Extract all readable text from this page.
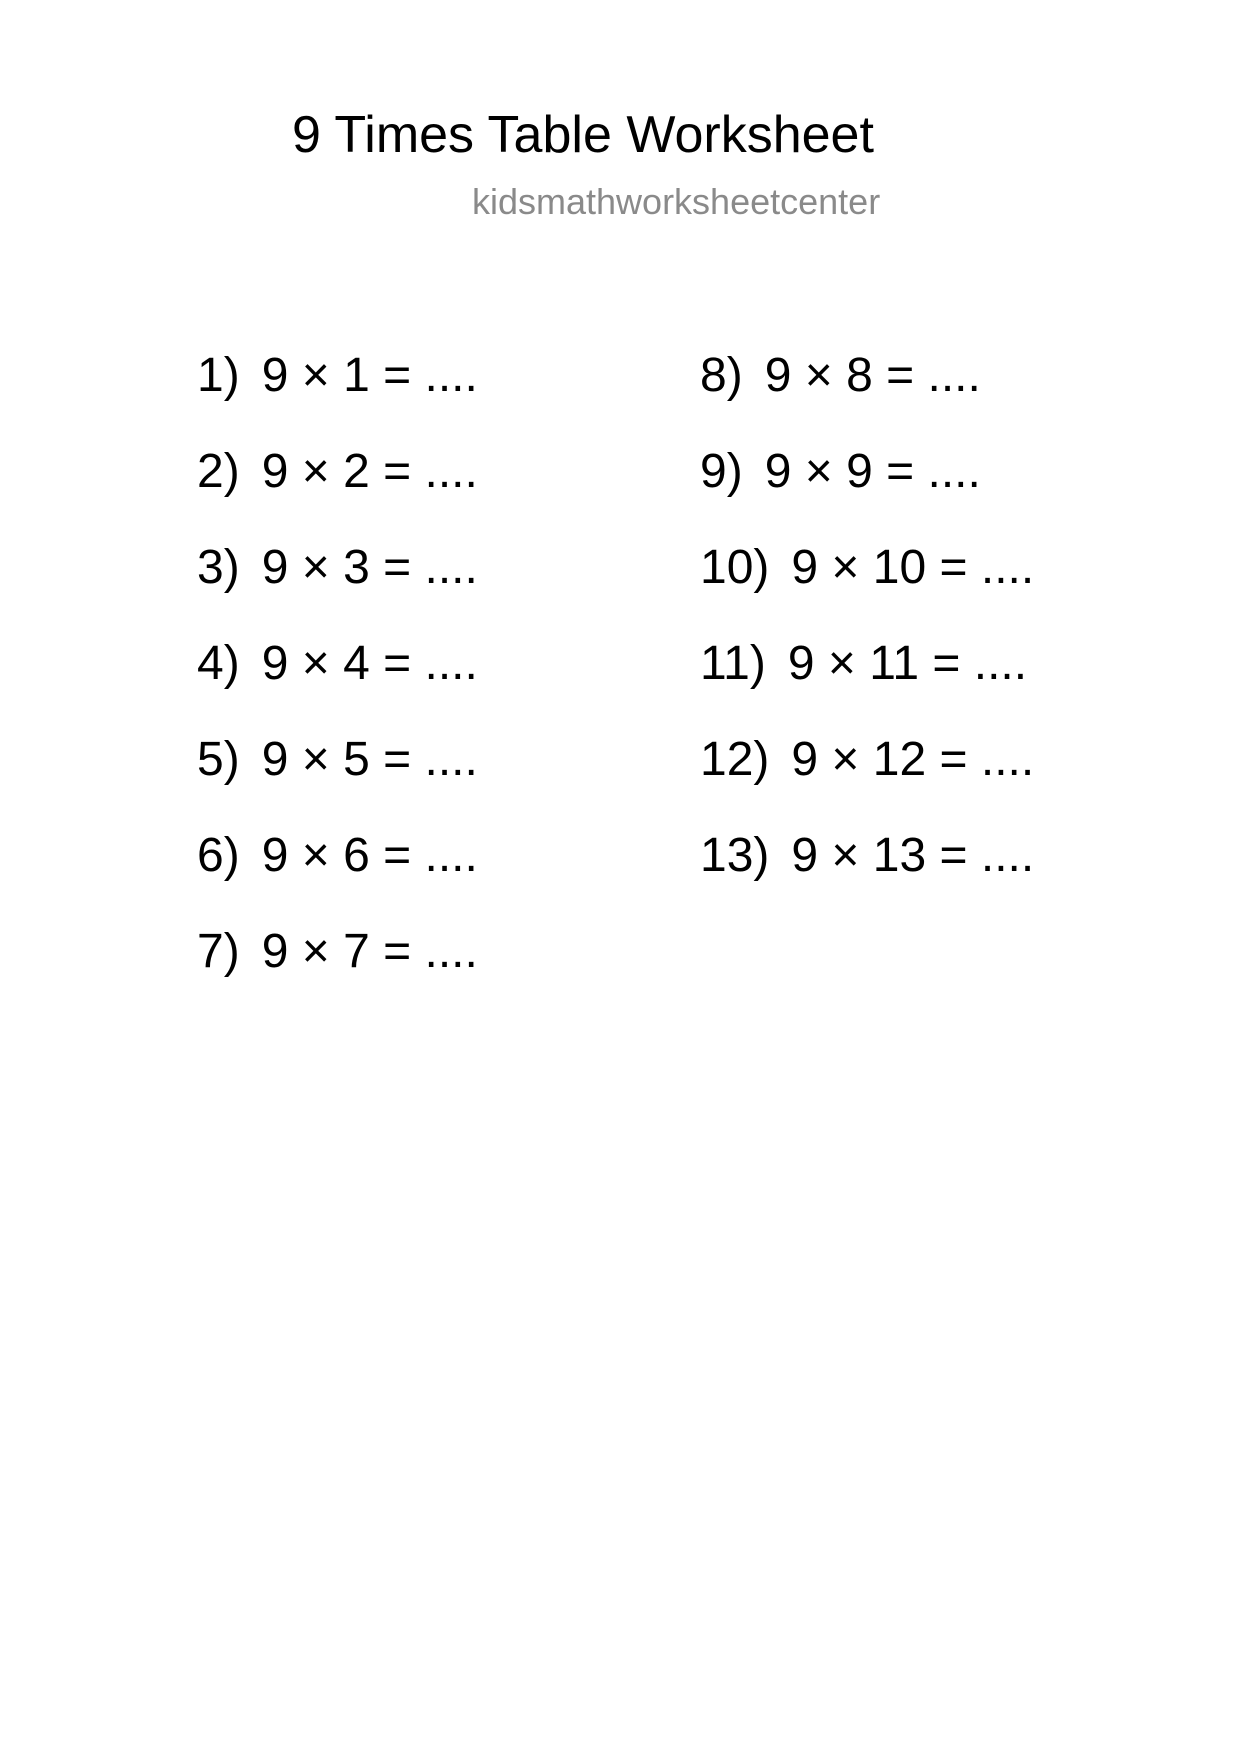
9 Times Table Worksheet
kidsmathworksheetcenter
1) 9 × 1 = ....
2) 9 × 2 = ....
3) 9 × 3 = ....
4) 9 × 4 = ....
5) 9 × 5 = ....
6) 9 × 6 = ....
7) 9 × 7 = ....
8) 9 × 8 = ....
9) 9 × 9 = ....
10) 9 × 10 = ....
11) 9 × 11 = ....
12) 9 × 12 = ....
13) 9 × 13 = ....
